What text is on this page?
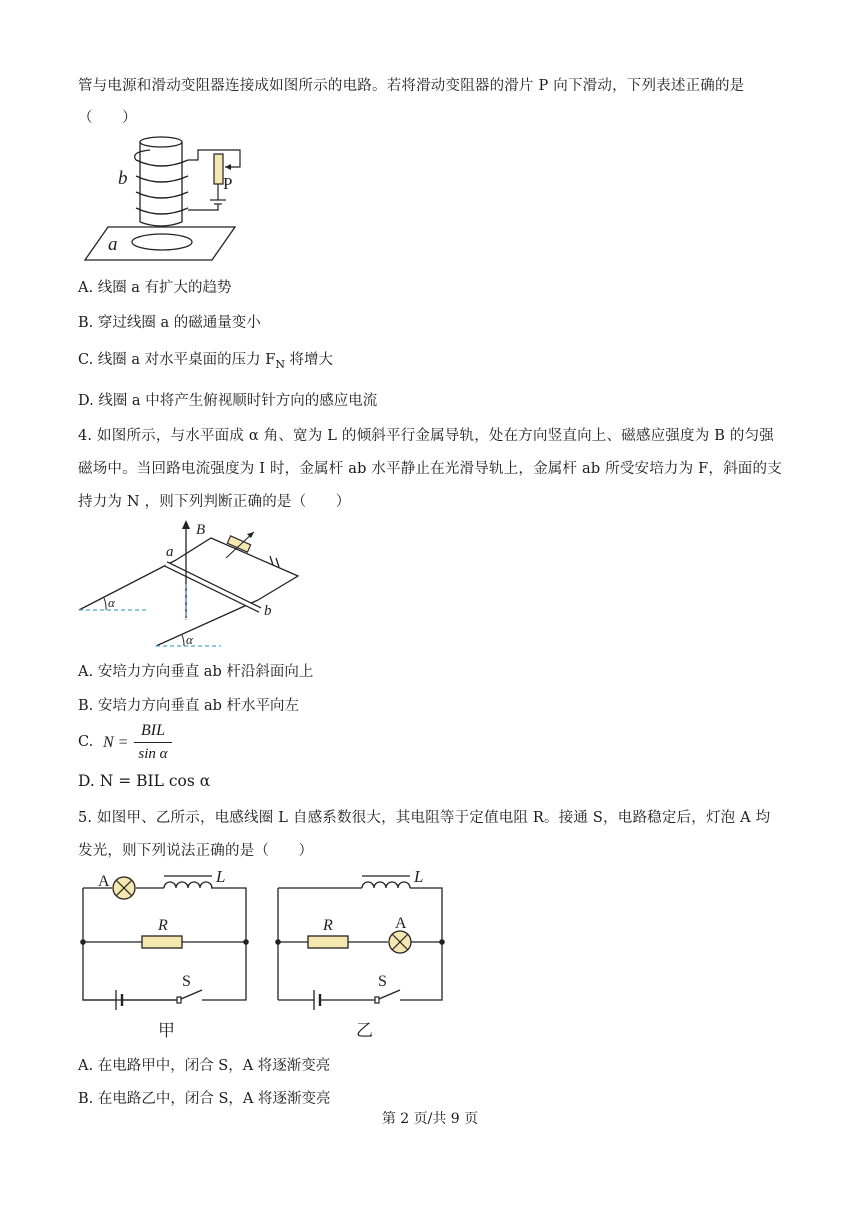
管与电源和滑动变阻器连接成如图所示的电路。若将滑动变阻器的滑片 P 向下滑动，下列表述正确的是
（　　）
b
a
P
A. 线圈 a 有扩大的趋势
B. 穿过线圈 a 的磁通量变小
C. 线圈 a 对水平桌面的压力 $F_N$ 将增大
D. 线圈 a 中将产生俯视顺时针方向的感应电流
4. 如图所示，与水平面成 α 角、宽为 L 的倾斜平行金属导轨，处在方向竖直向上、磁感应强度为 B 的匀强
磁场中。当回路电流强度为 I 时，金属杆 ab 水平静止在光滑导轨上，金属杆 ab 所受安培力为 F，斜面的支
持力为 N ，则下列判断正确的是（　　）
B
a
b
α
α
A. 安培力方向垂直 ab 杆沿斜面向上
B. 安培力方向垂直 ab 杆水平向左
C. N =
BIL
sin α
D. N = BIL cos α
5. 如图甲、乙所示，电感线圈 L 自感系数很大，其电阻等于定值电阻 R。接通 S，电路稳定后，灯泡 A 均
发光，则下列说法正确的是（　　）
A	L
R
S
甲
L
R	A
S
乙
A. 在电路甲中，闭合 S，A 将逐渐变亮
B. 在电路乙中，闭合 S，A 将逐渐变亮
第 2 页/共 9 页
